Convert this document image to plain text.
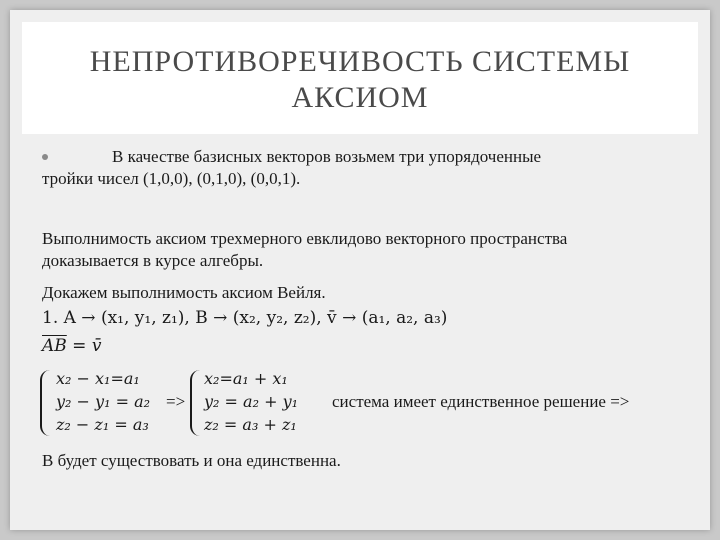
НЕПРОТИВОРЕЧИВОСТЬ СИСТЕМЫ
АКСИОМ
В качестве базисных векторов возьмем три упорядоченные
тройки чисел (1,0,0), (0,1,0), (0,0,1).
Выполнимость аксиом трехмерного евклидово векторного пространства
доказывается в курсе алгебры.
Докажем выполнимость аксиом Вейля.
1. A → (x₁, y₁, z₁), B → (x₂, y₂, z₂), v̄ → (a₁, a₂, a₃)
$\overline{AB}$ = v̄
x₂ − x₁=a₁
y₂ − y₁ = a₂
z₂ − z₁ = a₃
=>
x₂=a₁ + x₁
y₂ = a₂ + y₁
z₂ = a₃ + z₁
система имеет единственное решение =>
В будет существовать и она единственна.
